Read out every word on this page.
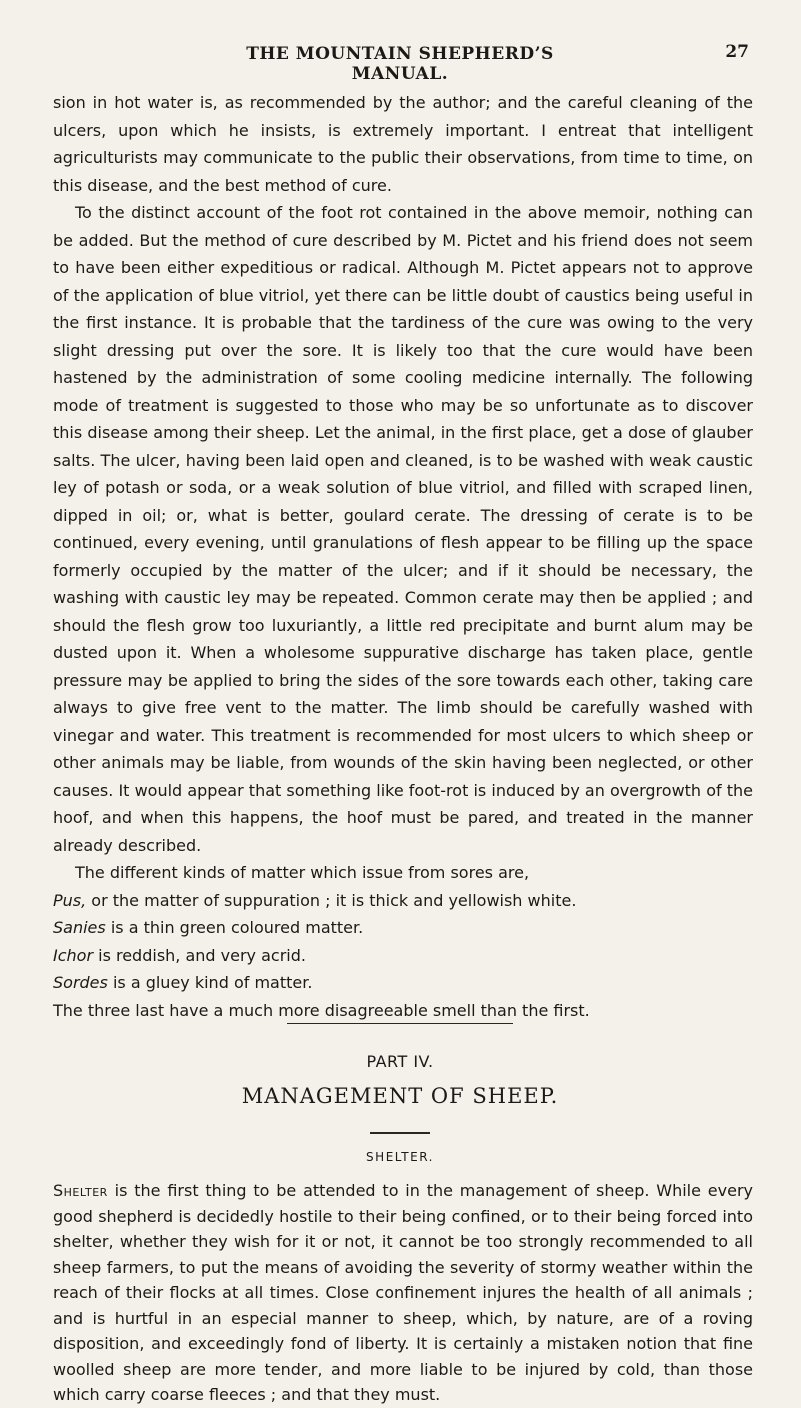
THE MOUNTAIN SHEPHERD’S MANUAL.
27

sion in hot water is, as recommended by the author; and the careful cleaning of the ulcers, upon which he insists, is extremely important. I entreat that intelligent agriculturists may communicate to the public their observations, from time to time, on this disease, and the best method of cure.

To the distinct account of the foot rot contained in the above memoir, nothing can be added. But the method of cure described by M. Pictet and his friend does not seem to have been either expeditious or radical. Although M. Pictet appears not to approve of the application of blue vitriol, yet there can be little doubt of caustics being useful in the first instance. It is probable that the tardiness of the cure was owing to the very slight dressing put over the sore. It is likely too that the cure would have been hastened by the administration of some cooling medicine internally. The following mode of treatment is suggested to those who may be so unfortunate as to discover this disease among their sheep. Let the animal, in the first place, get a dose of glauber salts. The ulcer, having been laid open and cleaned, is to be washed with weak caustic ley of potash or soda, or a weak solution of blue vitriol, and filled with scraped linen, dipped in oil; or, what is better, goulard cerate. The dressing of cerate is to be continued, every evening, until granulations of flesh appear to be filling up the space formerly occupied by the matter of the ulcer; and if it should be necessary, the washing with caustic ley may be repeated. Common cerate may then be applied ; and should the flesh grow too luxuriantly, a little red precipitate and burnt alum may be dusted upon it. When a wholesome suppurative discharge has taken place, gentle pressure may be applied to bring the sides of the sore towards each other, taking care always to give free vent to the matter. The limb should be carefully washed with vinegar and water. This treatment is recommended for most ulcers to which sheep or other animals may be liable, from wounds of the skin having been neglected, or other causes. It would appear that something like foot-rot is induced by an overgrowth of the hoof, and when this happens, the hoof must be pared, and treated in the manner already described.

The different kinds of matter which issue from sores are,

Pus, or the matter of suppuration ; it is thick and yellowish white.

Sanies is a thin green coloured matter.

Ichor is reddish, and very acrid.

Sordes is a gluey kind of matter.

The three last have a much more disagreeable smell than the first.

PART IV.
MANAGEMENT OF SHEEP.
SHELTER.

Shelter is the first thing to be attended to in the management of sheep. While every good shepherd is decidedly hostile to their being confined, or to their being forced into shelter, whether they wish for it or not, it cannot be too strongly recommended to all sheep farmers, to put the means of avoiding the severity of stormy weather within the reach of their flocks at all times. Close confinement injures the health of all animals ; and is hurtful in an especial manner to sheep, which, by nature, are of a roving disposition, and exceedingly fond of liberty. It is certainly a mistaken notion that fine woolled sheep are more tender, and more liable to be injured by cold, than those which carry coarse fleeces ; and that they must.
